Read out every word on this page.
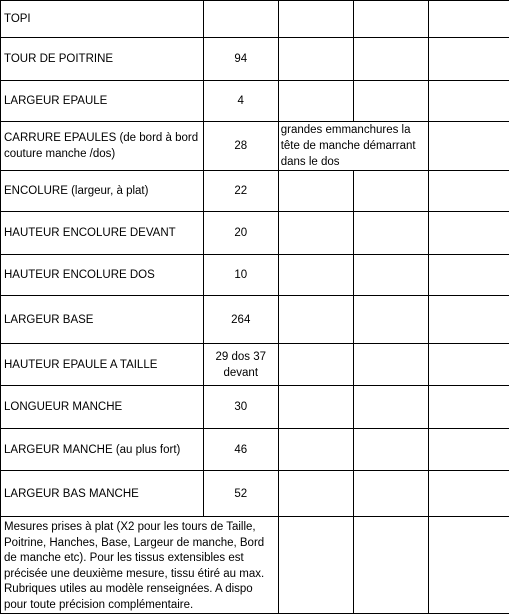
TOPI				
TOUR DE POITRINE	94			
LARGEUR EPAULE	4			
CARRURE EPAULES (de bord à bord couture manche /dos)	28	grandes emmanchures la tête de manche démarrant dans le dos		
ENCOLURE (largeur, à plat)	22			
HAUTEUR ENCOLURE DEVANT	20			
HAUTEUR ENCOLURE DOS	10			
LARGEUR BASE	264			
HAUTEUR EPAULE A TAILLE	29 dos 37 devant			
LONGUEUR MANCHE	30			
LARGEUR MANCHE (au plus fort)	46			
LARGEUR BAS MANCHE	52			
Mesures prises à plat (X2 pour les tours de Taille, Poitrine, Hanches, Base, Largeur de manche, Bord de manche etc). Pour les tissus extensibles est précisée une deuxième mesure, tissu étiré au max. Rubriques utiles au modèle renseignées. A dispo pour toute précision complémentaire.				
